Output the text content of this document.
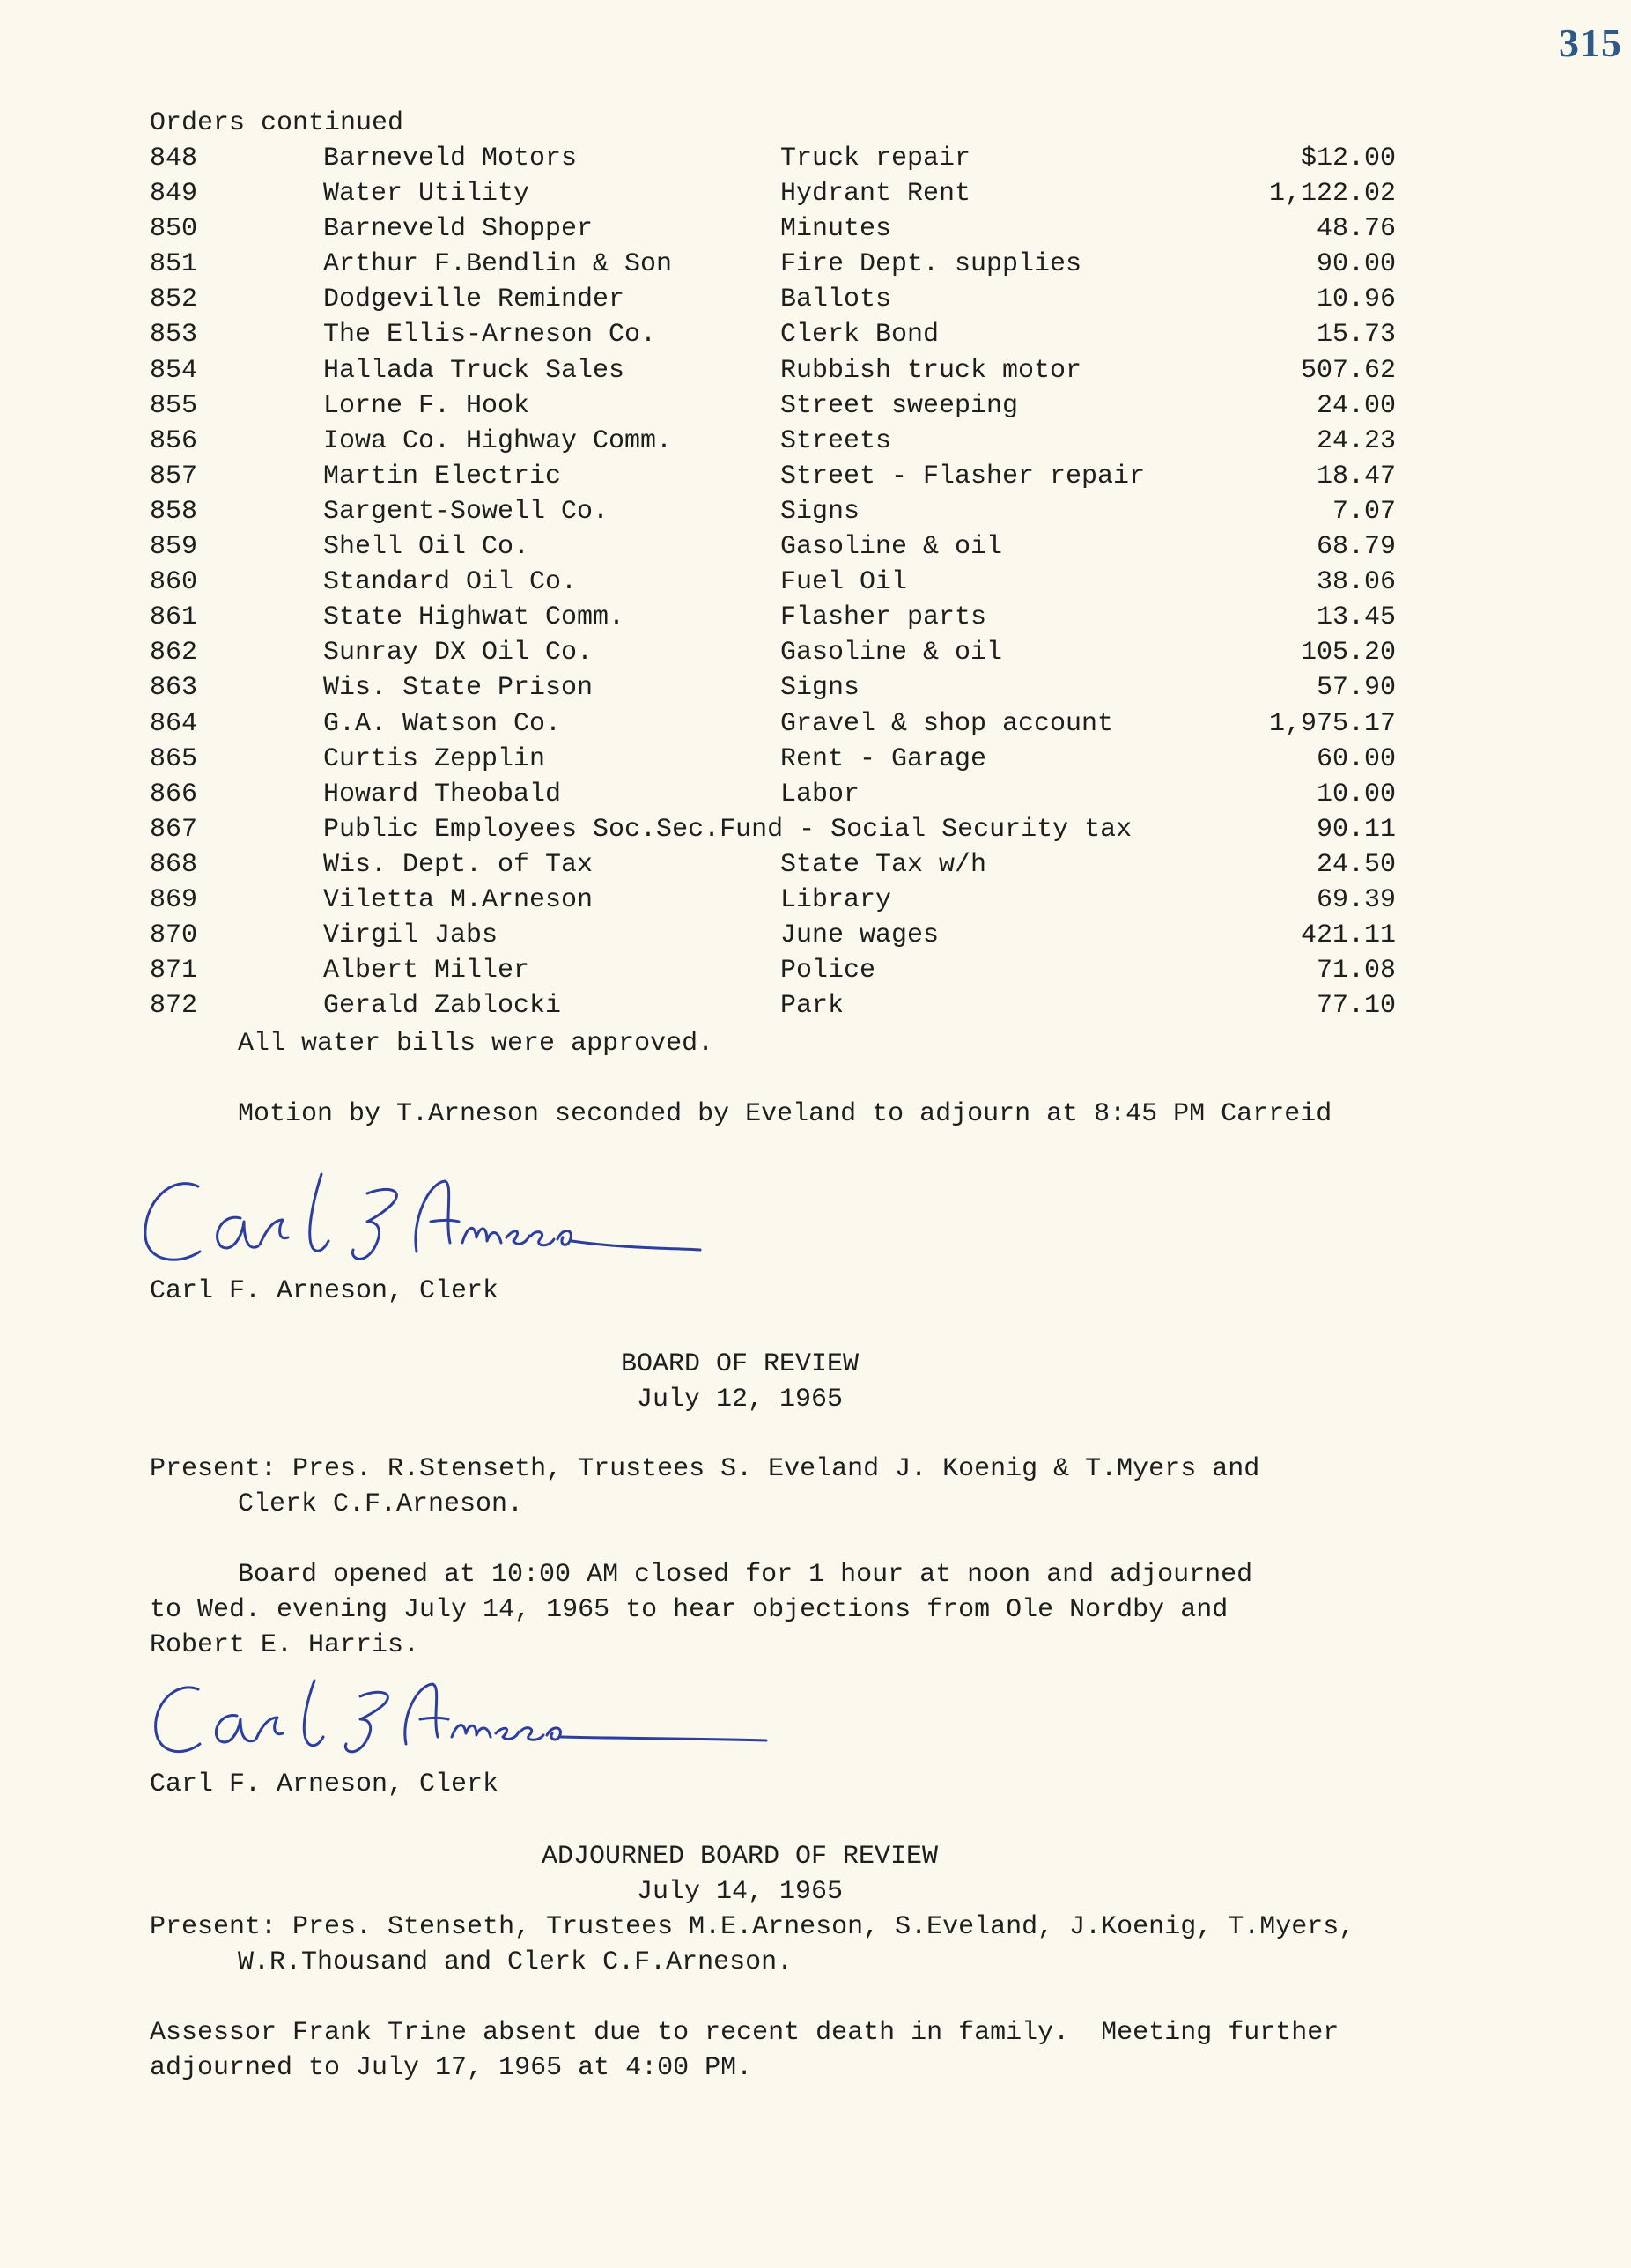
315
Orders continued
848	Barneveld Motors	Truck repair	$12.00
849	Water Utility	Hydrant Rent	1,122.02
850	Barneveld Shopper	Minutes	48.76
851	Arthur F.Bendlin & Son	Fire Dept. supplies	90.00
852	Dodgeville Reminder	Ballots	10.96
853	The Ellis-Arneson Co.	Clerk Bond	15.73
854	Hallada Truck Sales	Rubbish truck motor	507.62
855	Lorne F. Hook	Street sweeping	24.00
856	Iowa Co. Highway Comm.	Streets	24.23
857	Martin Electric	Street - Flasher repair	18.47
858	Sargent-Sowell Co.	Signs	7.07
859	Shell Oil Co.	Gasoline & oil	68.79
860	Standard Oil Co.	Fuel Oil	38.06
861	State Highwat Comm.	Flasher parts	13.45
862	Sunray DX Oil Co.	Gasoline & oil	105.20
863	Wis. State Prison	Signs	57.90
864	G.A. Watson Co.	Gravel & shop account	1,975.17
865	Curtis Zepplin	Rent - Garage	60.00
866	Howard Theobald	Labor	10.00
867	Public Employees Soc.Sec.Fund - Social Security tax	90.11
868	Wis. Dept. of Tax	State Tax w/h	24.50
869	Viletta M.Arneson	Library	69.39
870	Virgil Jabs	June wages	421.11
871	Albert Miller	Police	71.08
872	Gerald Zablocki	Park	77.10
All water bills were approved.
Motion by T.Arneson seconded by Eveland to adjourn at 8:45 PM Carreid
Carl F. Arneson
Carl F. Arneson, Clerk
BOARD OF REVIEW
July 12, 1965
Present: Pres. R.Stenseth, Trustees S. Eveland J. Koenig & T.Myers and
Clerk C.F.Arneson.
Board opened at 10:00 AM closed for 1 hour at noon and adjourned
to Wed. evening July 14, 1965 to hear objections from Ole Nordby and
Robert E. Harris.
Carl F. Arneson
Carl F. Arneson, Clerk
ADJOURNED BOARD OF REVIEW
July 14, 1965
Present: Pres. Stenseth, Trustees M.E.Arneson, S.Eveland, J.Koenig, T.Myers,
W.R.Thousand and Clerk C.F.Arneson.
Assessor Frank Trine absent due to recent death in family.  Meeting further
adjourned to July 17, 1965 at 4:00 PM.
